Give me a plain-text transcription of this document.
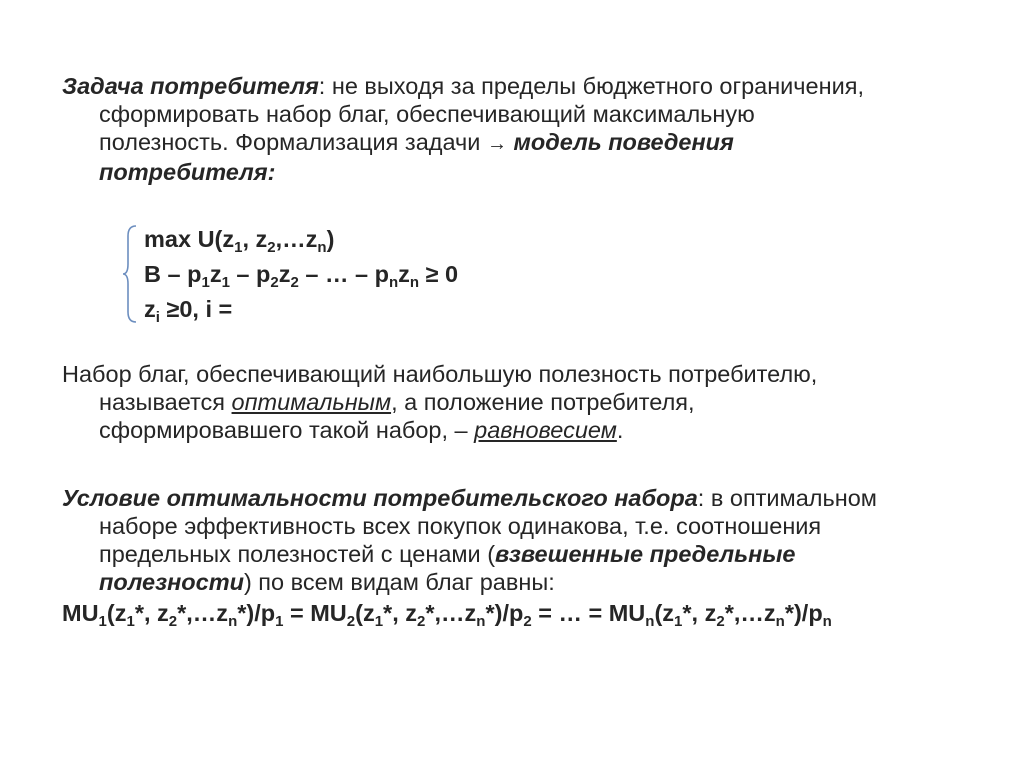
Задача потребителя: не выходя за пределы бюджетного ограничения,
сформировать набор благ, обеспечивающий максимальную
полезность. Формализация задачи → модель поведения
потребителя:
$\max U(z_1$, $z_2,\dots z_n$)
B – $p_1z_1 - p_2z_2$ – … – $p_nz_n \ge 0$
$z_i \ge 0$, i =
Набор благ, обеспечивающий наибольшую полезность потребителю,
называется оптимальным, а положение потребителя,
сформировавшего такой набор, – равновесием.
Условие оптимальности потребительского набора: в оптимальном
наборе эффективность всех покупок одинакова, т.е. соотношения
предельных полезностей с ценами (взвешенные предельные
полезности) по всем видам благ равны:
$MU_1(z_1*$, $z_2*,\dots z_n*)/p_1 = MU_2(z_1*$, $z_2*,\dots z_n*)/p_2$ = … = $MU_n(z_1*$, $z_2*,\dots z_n*)/p_n$
